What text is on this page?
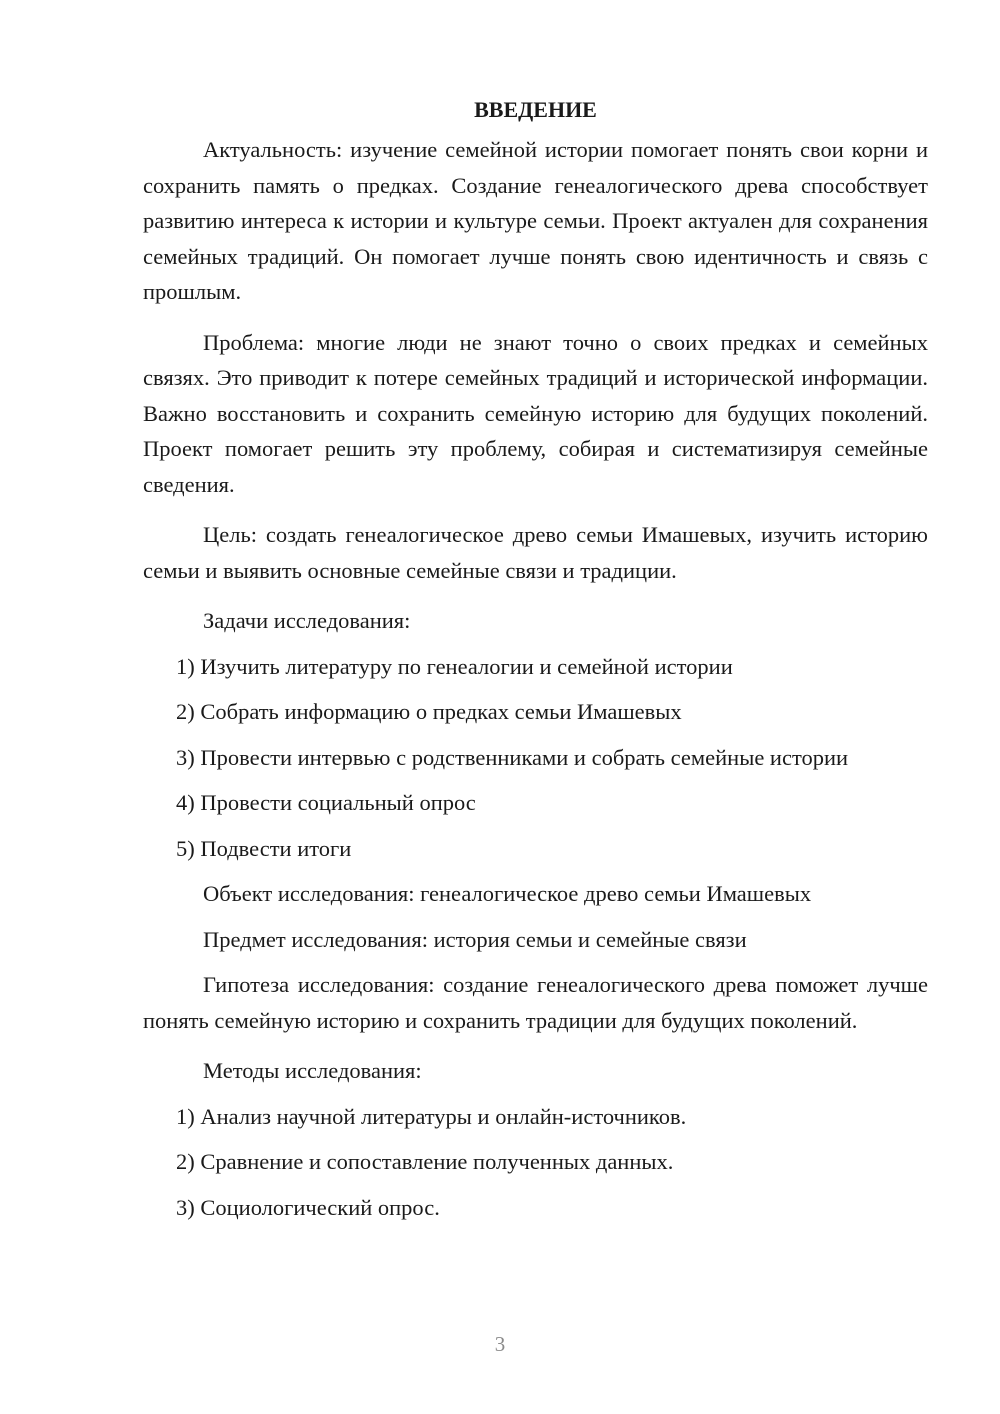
ВВЕДЕНИЕ

Актуальность: изучение семейной истории помогает понять свои корни и сохранить память о предках. Создание генеалогического древа способствует развитию интереса к истории и культуре семьи. Проект актуален для сохранения семейных традиций. Он помогает лучше понять свою идентичность и связь с прошлым.

Проблема: многие люди не знают точно о своих предках и семейных связях. Это приводит к потере семейных традиций и исторической информации. Важно восстановить и сохранить семейную историю для будущих поколений. Проект помогает решить эту проблему, собирая и систематизируя семейные сведения.

Цель: создать генеалогическое древо семьи Имашевых, изучить историю семьи и выявить основные семейные связи и традиции.

Задачи исследования:
1) Изучить литературу по генеалогии и семейной истории
2) Собрать информацию о предках семьи Имашевых
3) Провести интервью с родственниками и собрать семейные истории
4) Провести социальный опрос
5) Подвести итоги
Объект исследования: генеалогическое древо семьи Имашевых
Предмет исследования: история семьи и семейные связи

Гипотеза исследования: создание генеалогического древа поможет лучше понять семейную историю и сохранить традиции для будущих поколений.

Методы исследования:
1) Анализ научной литературы и онлайн-источников.
2) Сравнение и сопоставление полученных данных.
3) Социологический опрос.
3
